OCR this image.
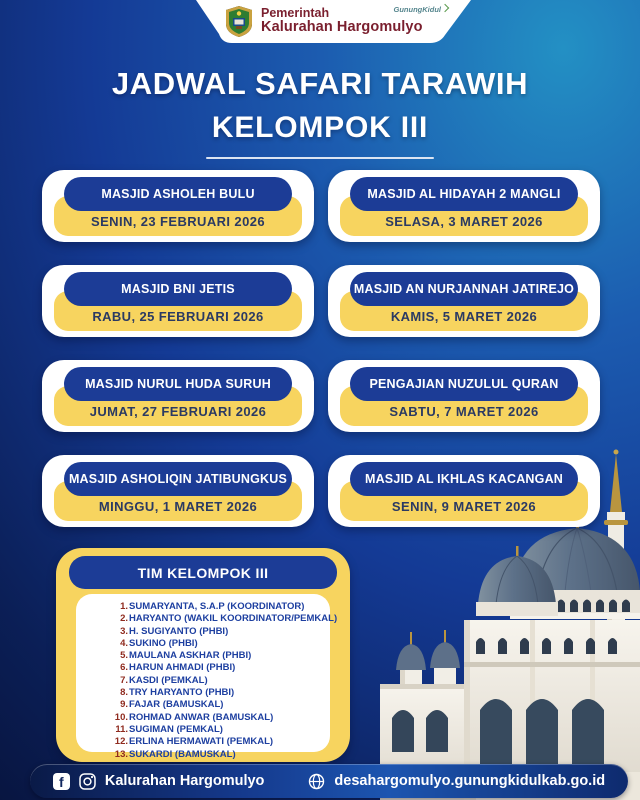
Pemerintah
Kalurahan Hargomulyo
GunungKidul
JADWAL SAFARI TARAWIH
KELOMPOK III
MASJID ASHOLEH BULU
SENIN, 23 FEBRUARI 2026
MASJID AL HIDAYAH 2 MANGLI
SELASA, 3 MARET 2026
MASJID BNI JETIS
RABU, 25 FEBRUARI 2026
MASJID AN NURJANNAH JATIREJO
KAMIS, 5 MARET 2026
MASJID NURUL HUDA SURUH
JUMAT, 27 FEBRUARI 2026
PENGAJIAN NUZULUL QURAN
SABTU, 7 MARET 2026
MASJID ASHOLIQIN JATIBUNGKUS
MINGGU, 1 MARET 2026
MASJID AL IKHLAS KACANGAN
SENIN, 9 MARET 2026
TIM KELOMPOK III
1. SUMARYANTA, S.A.P (KOORDINATOR)
2. HARYANTO (WAKIL KOORDINATOR/PEMKAL)
3. H. SUGIYANTO (PHBI)
4. SUKINO (PHBI)
5. MAULANA ASKHAR (PHBI)
6. HARUN AHMADI (PHBI)
7. KASDI (PEMKAL)
8. TRY HARYANTO (PHBI)
9. FAJAR (BAMUSKAL)
10. ROHMAD ANWAR (BAMUSKAL)
11. SUGIMAN (PEMKAL)
12. ERLINA HERMAWATI (PEMKAL)
13. SUKARDI (BAMUSKAL)
f	Kalurahan Hargomulyo	desahargomulyo.gunungkidulkab.go.id
